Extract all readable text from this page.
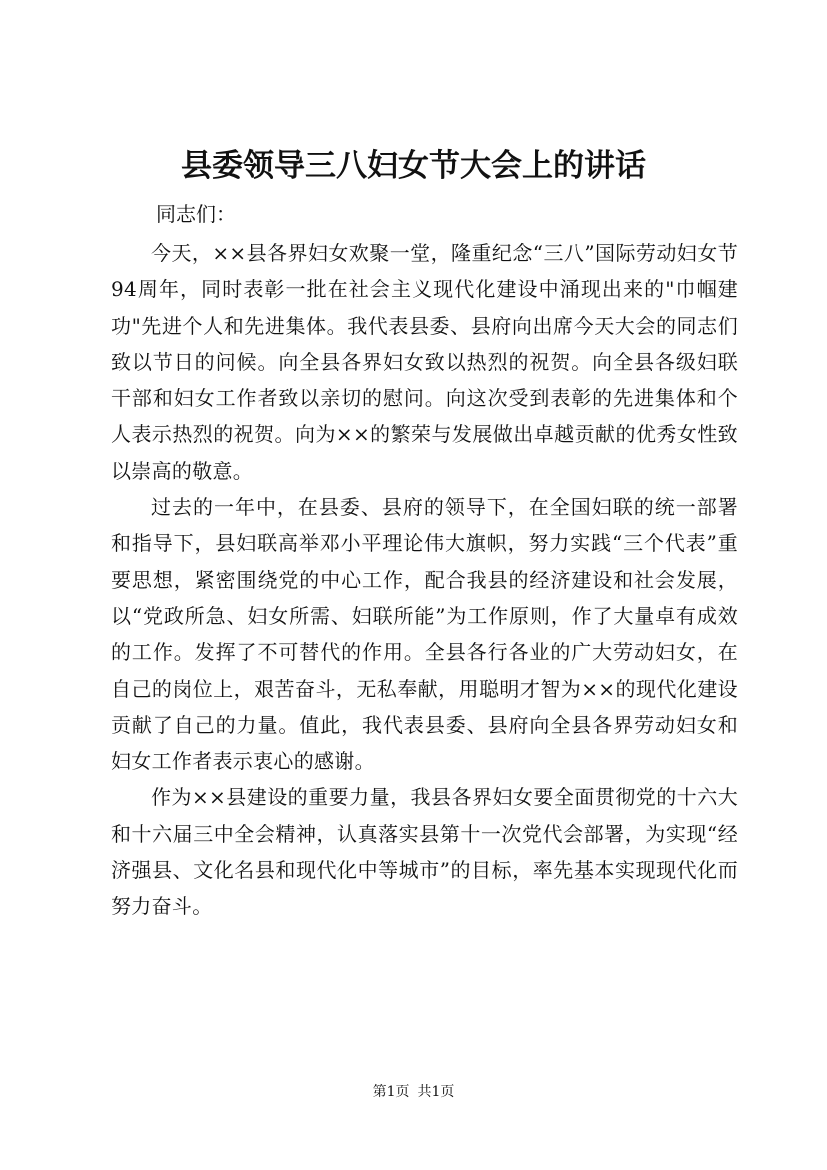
县委领导三八妇女节大会上的讲话

同志们：

今天，××县各界妇女欢聚一堂，隆重纪念“三八”国际劳动妇女节94周年，同时表彰一批在社会主义现代化建设中涌现出来的"巾帼建功"先进个人和先进集体。我代表县委、县府向出席今天大会的同志们致以节日的问候。向全县各界妇女致以热烈的祝贺。向全县各级妇联干部和妇女工作者致以亲切的慰问。向这次受到表彰的先进集体和个人表示热烈的祝贺。向为××的繁荣与发展做出卓越贡献的优秀女性致以崇高的敬意。

过去的一年中，在县委、县府的领导下，在全国妇联的统一部署和指导下，县妇联高举邓小平理论伟大旗帜，努力实践“三个代表”重要思想，紧密围绕党的中心工作，配合我县的经济建设和社会发展，以“党政所急、妇女所需、妇联所能”为工作原则，作了大量卓有成效的工作。发挥了不可替代的作用。全县各行各业的广大劳动妇女，在自己的岗位上，艰苦奋斗，无私奉献，用聪明才智为××的现代化建设贡献了自己的力量。值此，我代表县委、县府向全县各界劳动妇女和妇女工作者表示衷心的感谢。

作为××县建设的重要力量，我县各界妇女要全面贯彻党的十六大和十六届三中全会精神，认真落实县第十一次党代会部署，为实现“经济强县、文化名县和现代化中等城市”的目标，率先基本实现现代化而努力奋斗。

第1页 共1页
